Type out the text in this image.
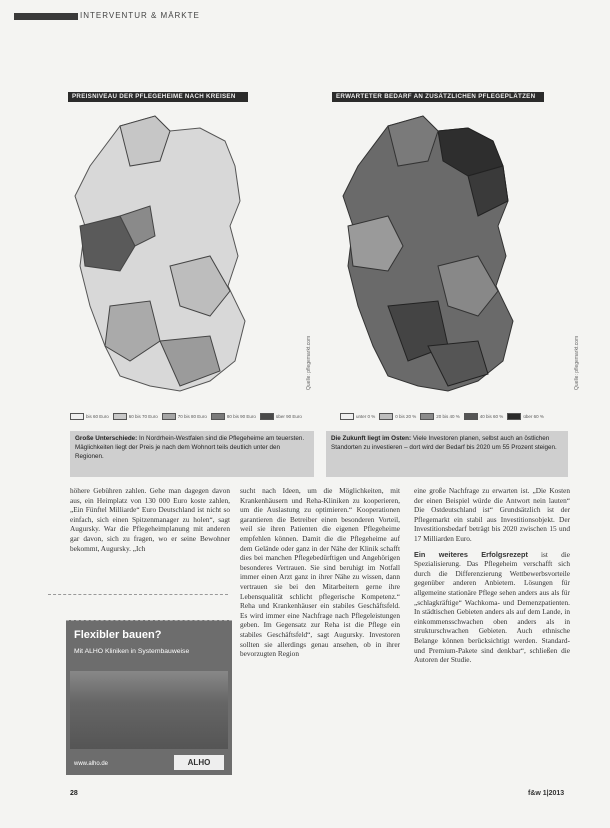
INTERVENTUR & MÄRKTE
PREISNIVEAU DER PFLEGEHEIME NACH KREISEN
bis 60 Euro	60 bis 70 Euro	70 bis 80 Euro	80 bis 90 Euro	über 90 Euro
Quelle: pflegemarkt.com
ERWARTETER BEDARF AN ZUSÄTZLICHEN PFLEGEPLÄTZEN
unter 0 %	0 bis 20 %	20 bis 40 %	40 bis 60 %	über 60 %
Quelle: pflegemarkt.com
Große Unterschiede: In Nordrhein-Westfalen sind die Pflegeheime am teuersten. Mäglichkeiten liegt der Preis je nach dem Wohnort teils deutlich unter den Regionen.
Die Zukunft liegt im Osten: Viele Investoren planen, selbst auch an östlichen Standorten zu investieren – dort wird der Bedarf bis 2020 um 55 Prozent steigen.

höhere Gebühren zahlen. Gehe man dagegen davon aus, ein Heimplatz von 130 000 Euro koste zahlen, „Ein Fünftel Milliarde“ Euro Deutschland ist nicht so einfach, sich einen Spitzenmanager zu holen“, sagt Augursky. War die Pflegeheimplanung mit anderen gar davon, sich zu fragen, wo er seine Bewohner bekommt, Augursky. „Ich

sucht nach Ideen, um die Möglichkeiten, mit Krankenhäusern und Reha-Kliniken zu kooperieren, um die Auslastung zu optimieren.“ Kooperationen garantieren die Betreiber einen besonderen Vorteil, weil sie ihren Patienten die eigenen Pflegeheime empfehlen können. Damit die die Pflegeheime auf dem Gelände oder ganz in der Nähe der Klinik schafft dies bei manchen Pflegebedürftigen und Angehörigen besonderes Vertrauen. Sie sind beruhigt im Notfall immer einen Arzt ganz in ihrer Nähe zu wissen, dann vertrauen sie bei den Mitarbeitern gerne ihre Lebensqualität schlicht pflegerische Kompetenz.“ Reha und Krankenhäuser ein stabiles Geschäftsfeld. Es wird immer eine Nachfrage nach Pflegeleistungen geben. Im Gegensatz zur Reha ist die Pflege ein stabiles Geschäftsfeld“, sagt Augursky. Investoren sollten sie allerdings genau ansehen, ob in ihrer bevorzugten Region

eine große Nachfrage zu erwarten ist. „Die Kosten der einen Beispiel würde die Antwort nein lauten“ Die Ostdeutschland ist“ Grundsätzlich ist der Pflegemarkt ein stabil aus Investitionsobjekt. Der Investitionsbedarf beträgt bis 2020 zwischen 15 und 17 Milliarden Euro.

Ein weiteres Erfolgsrezept ist die Spezialisierung. Das Pflegeheim verschafft sich durch die Differenzierung Wettbewerbsvorteile gegenüber anderen Anbietern. Lösungen für allgemeine stationäre Pflege sehen anders aus als für „schlagkräftige“ Wachkoma- und Demenzpatienten. In städtischen Gebieten anders als auf dem Lande, in einkommensschwachen oben anders als in strukturschwachen Gebieten. Auch ethnische Belange können berücksichtigt werden. Standard- und Premium-Pakete sind denkbar“, schließen die Autoren der Studie.

Flexibler bauen?
Mit ALHO Kliniken in Systembauweise
www.alho.de	ALHO
28	f&w 1|2013
